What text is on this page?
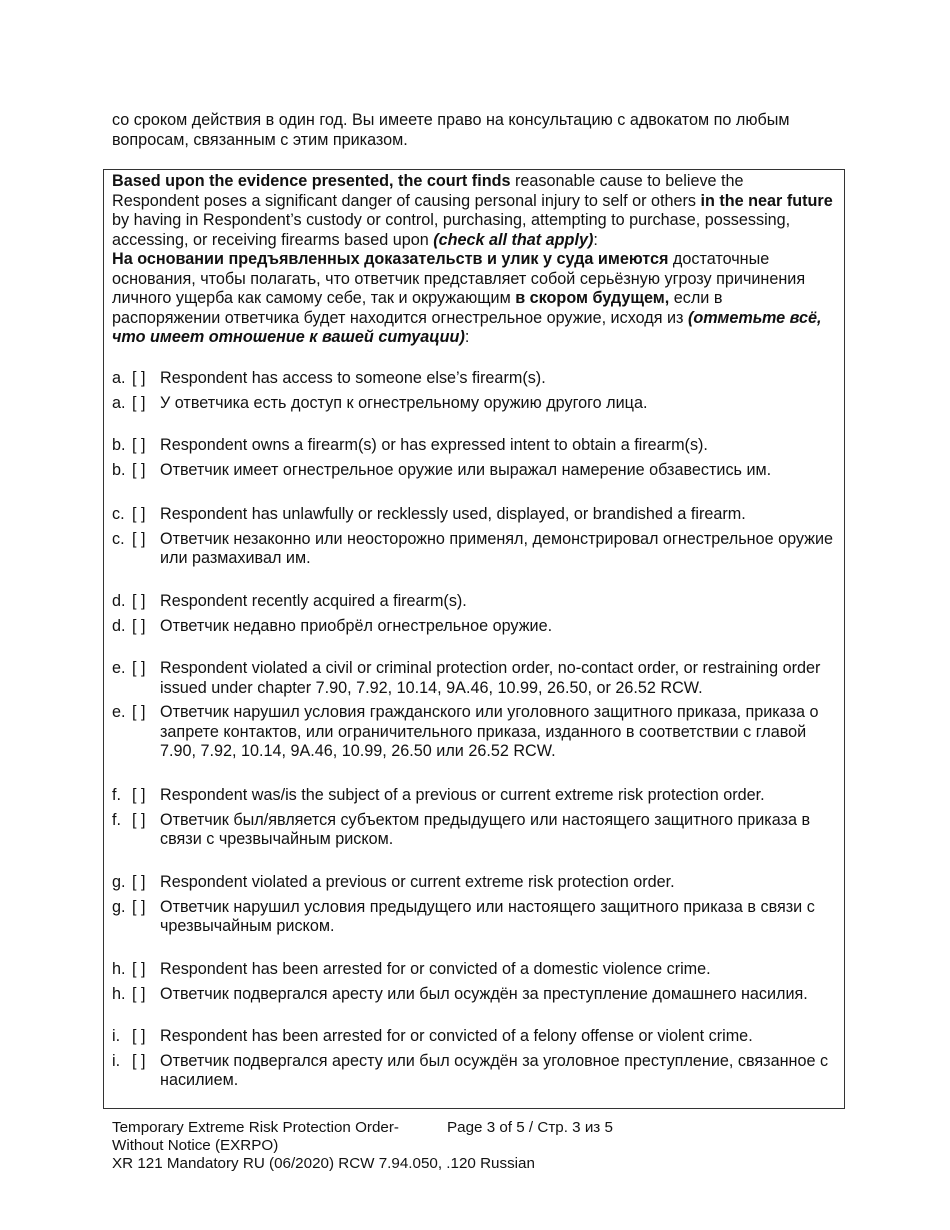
со сроком действия в один год. Вы имеете право на консультацию с адвокатом по любым вопросам, связанным с этим приказом.

Based upon the evidence presented, the court finds reasonable cause to believe the Respondent poses a significant danger of causing personal injury to self or others in the near future by having in Respondent’s custody or control, purchasing, attempting to purchase, possessing, accessing, or receiving firearms based upon (check all that apply):

На основании предъявленных доказательств и улик у суда имеются достаточные основания, чтобы полагать, что ответчик представляет собой серьёзную угрозу причинения личного ущерба как самому себе, так и окружающим в скором будущем, если в распоряжении ответчика будет находится огнестрельное оружие, исходя из (отметьте всё, что имеет отношение к вашей ситуации):

a. [ ] Respondent has access to someone else’s firearm(s).
a. [ ] У ответчика есть доступ к огнестрельному оружию другого лица.
b. [ ] Respondent owns a firearm(s) or has expressed intent to obtain a firearm(s).
b. [ ] Ответчик имеет огнестрельное оружие или выражал намерение обзавестись им.
c. [ ] Respondent has unlawfully or recklessly used, displayed, or brandished a firearm.
c. [ ] Ответчик незаконно или неосторожно применял, демонстрировал огнестрельное оружие или размахивал им.
d. [ ] Respondent recently acquired a firearm(s).
d. [ ] Ответчик недавно приобрёл огнестрельное оружие.
e. [ ] Respondent violated a civil or criminal protection order, no-contact order, or restraining order issued under chapter 7.90, 7.92, 10.14, 9A.46, 10.99, 26.50, or 26.52 RCW.
e. [ ] Ответчик нарушил условия гражданского или уголовного защитного приказа, приказа о запрете контактов, или ограничительного приказа, изданного в соответствии с главой 7.90, 7.92, 10.14, 9A.46, 10.99, 26.50 или 26.52 RCW.
f. [ ] Respondent was/is the subject of a previous or current extreme risk protection order.
f. [ ] Ответчик был/является субъектом предыдущего или настоящего защитного приказа в связи с чрезвычайным риском.
g. [ ] Respondent violated a previous or current extreme risk protection order.
g. [ ] Ответчик нарушил условия предыдущего или настоящего защитного приказа в связи с чрезвычайным риском.
h. [ ] Respondent has been arrested for or convicted of a domestic violence crime.
h. [ ] Ответчик подвергался аресту или был осуждён за преступление домашнего насилия.
i. [ ] Respondent has been arrested for or convicted of a felony offense or violent crime.
i. [ ] Ответчик подвергался аресту или был осуждён за уголовное преступление, связанное с насилием.
Temporary Extreme Risk Protection Order-	Page 3 of 5 / Стр. 3 из 5
Without Notice (EXRPO)
XR 121 Mandatory RU (06/2020) RCW 7.94.050, .120 Russian
